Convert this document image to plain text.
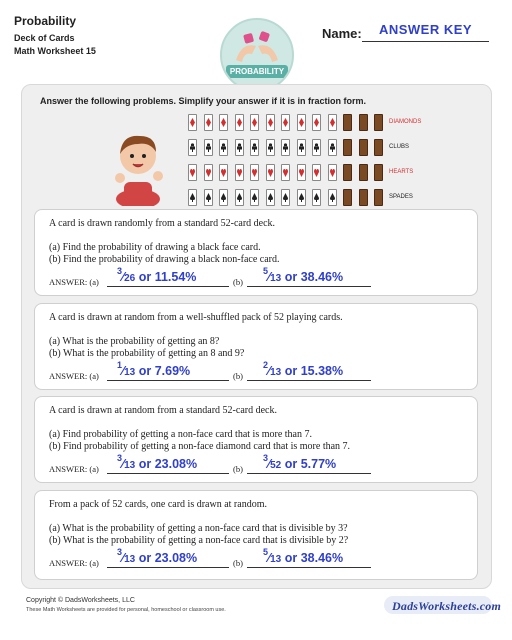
Probability
Deck of Cards
Math Worksheet 15
PROBABILITY
Name:	ANSWER KEY
Answer the following problems. Simplify your answer if it is in fraction form.
DIAMONDS
CLUBS
HEARTS
SPADES
A card is drawn randomly from a standard 52-card deck.
(a) Find the probability of drawing a black face card.
(b) Find the probability of drawing a black non-face card.
ANSWER: (a)
$^3$⁄26 or 11.54%	(b)
$^5$⁄13 or 38.46%
A card is drawn at random from a well-shuffled pack of 52 playing cards.
(a) What is the probability of getting an 8?
(b) What is the probability of getting an 8 and 9?
ANSWER: (a)
$^1$⁄13 or 7.69%	(b)
$^2$⁄13 or 15.38%
A card is drawn at random from a standard 52-card deck.
(a) Find probability of getting a non-face card that is more than 7.
(b) Find probability of getting a non-face diamond card that is more than 7.
ANSWER: (a)
$^3$⁄13 or 23.08%	(b)
$^3$⁄52 or 5.77%
From a pack of 52 cards, one card is drawn at random.
(a) What is the probability of getting a non-face card that is divisible by 3?
(b) What is the probability of getting a non-face card that is divisible by 2?
ANSWER: (a)
$^3$⁄13 or 23.08%	(b)
$^5$⁄13 or 38.46%
Copyright © DadsWorksheets, LLC
These Math Worksheets are provided for personal, homeschool or classroom use.	DadsWorksheets.com
